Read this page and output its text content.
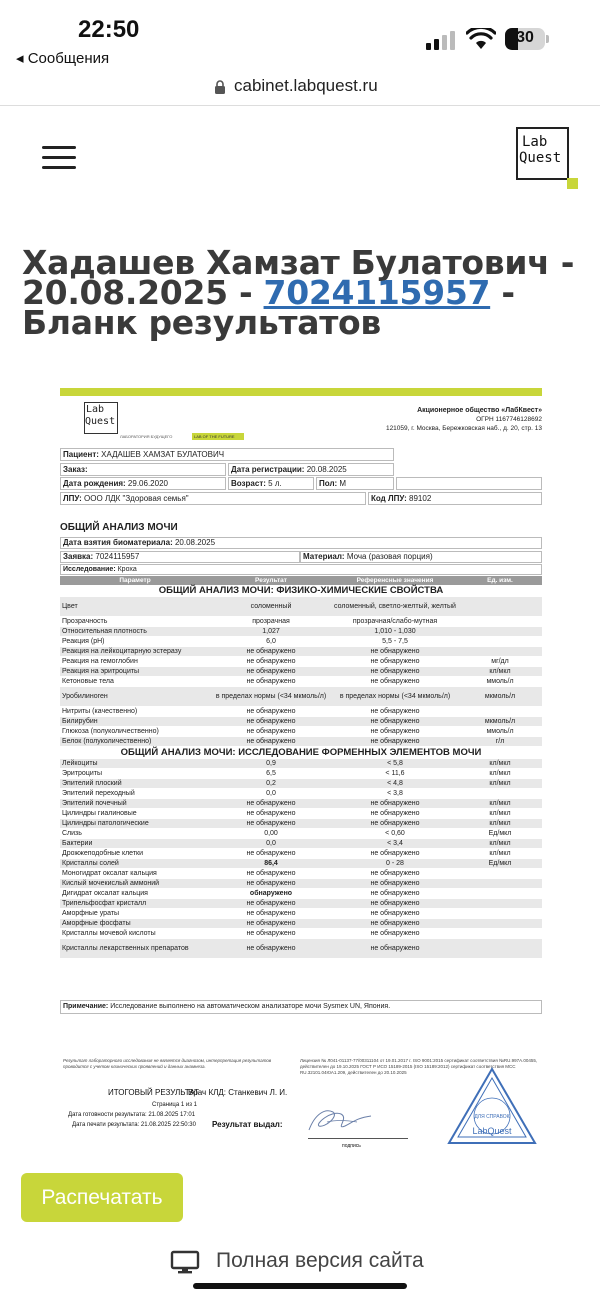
22:50
◂ Сообщения
30
cabinet.labquest.ru
Lab
Quest
Хадашев Хамзат Булатович - 20.08.2025 - 7024115957 - Бланк результатов
Lab
Quest
ЛАБОРАТОРИЯ БУДУЩЕГО	LAB OF THE FUTURE
Акционерное общество «ЛабКвест»
ОГРН 1167746128692
121059, г. Москва, Бережковская наб., д. 20, стр. 13
Пациент: ХАДАШЕВ ХАМЗАТ БУЛАТОВИЧ
Заказ:	Дата регистрации: 20.08.2025
Дата рождения: 29.06.2020	Возраст: 5 л.	Пол: М
ЛПУ: ООО ЛДК "Здоровая семья"	Код ЛПУ: 89102
ОБЩИЙ АНАЛИЗ МОЧИ
Дата взятия биоматериала: 20.08.2025
Заявка: 7024115957	Материал: Моча (разовая порция)
Исследование: Кроха
Параметр	Результат	Референсные значения	Ед. изм.
ОБЩИЙ АНАЛИЗ МОЧИ: ФИЗИКО-ХИМИЧЕСКИЕ СВОЙСТВА
Цвет	соломенный	соломенный, светло-желтый, желтый
Прозрачность	прозрачная	прозрачная/слабо-мутная
Относительная плотность	1,027	1,010 - 1,030
Реакция (pH)	6,0	5,5 - 7,5
Реакция на лейкоцитарную эстеразу	не обнаружено	не обнаружено
Реакция на гемоглобин	не обнаружено	не обнаружено	мг/дл
Реакция на эритроциты	не обнаружено	не обнаружено	кл/мкл
Кетоновые тела	не обнаружено	не обнаружено	ммоль/л
Уробилиноген	в пределах нормы (<34 мкмоль/л)	в пределах нормы (<34 мкмоль/л)	мкмоль/л
Нитриты (качественно)	не обнаружено	не обнаружено
Билирубин	не обнаружено	не обнаружено	мкмоль/л
Глюкоза (полуколичественно)	не обнаружено	не обнаружено	ммоль/л
Белок (полуколичественно)	не обнаружено	не обнаружено	г/л
ОБЩИЙ АНАЛИЗ МОЧИ: ИССЛЕДОВАНИЕ ФОРМЕННЫХ ЭЛЕМЕНТОВ МОЧИ
Лейкоциты	0,9	< 5,8	кл/мкл
Эритроциты	6,5	< 11,6	кл/мкл
Эпителий плоский	0,2	< 4,8	кл/мкл
Эпителий переходный	0,0	< 3,8
Эпителий почечный	не обнаружено	не обнаружено	кл/мкл
Цилиндры гиалиновые	не обнаружено	не обнаружено	кл/мкл
Цилиндры патологические	не обнаружено	не обнаружено	кл/мкл
Слизь	0,00	< 0,60	Ед/мкл
Бактерии	0,0	< 3,4	кл/мкл
Дрожжеподобные клетки	не обнаружено	не обнаружено	кл/мкл
Кристаллы солей	86,4	0 - 28	Ед/мкл
Моногидрат оксалат кальция	не обнаружено	не обнаружено
Кислый мочекислый аммоний	не обнаружено	не обнаружено
Дигидрат оксалат кальция	обнаружено	не обнаружено
Трипельфосфат кристалл	не обнаружено	не обнаружено
Аморфные ураты	не обнаружено	не обнаружено
Аморфные фосфаты	не обнаружено	не обнаружено
Кристаллы мочевой кислоты	не обнаружено	не обнаружено
Кристаллы лекарственных препаратов	не обнаружено	не обнаружено
Примечание: Исследование выполнено на автоматическом анализаторе мочи Sysmex UN, Япония.
Результат лабораторного исследования не является диагнозом, интерпретация результатов проводится с учетом клинических проявлений и данных анамнеза.
Лицензия № Л041-01137-77/00311104 от 19.01.2017 г. ISO 9001:2015 сертификат соответствия №RU.997A.00455, действителен до 19.10.2025 ГОСТ Р ИСО 15189-2015 (ISO 15189:2012) сертификат соответствия МСС RU.32101.04ЮА1.209, действителен до 20.10.2025
ИТОГОВЫЙ РЕЗУЛЬТАТ
Врач КЛД: Станкевич Л. И.
Страница 1 из 1
Дата готовности результата: 21.08.2025 17:01
Дата печати результата: 21.08.2025 22:50:30 Результат выдал:
подпись
ДЛЯ СПРАВОК
LabQuest
Распечатать
Полная версия сайта
